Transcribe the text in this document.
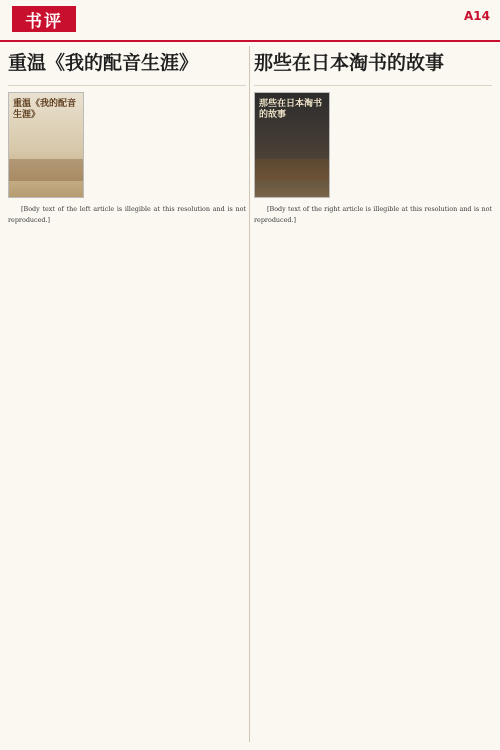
书评	A14
重温《我的配音生涯》
重温《我的配音生涯》

[Body text of the left article is illegible at this resolution and is not reproduced.]

那些在日本淘书的故事
那些在日本淘书的故事

[Body text of the right article is illegible at this resolution and is not reproduced.]
